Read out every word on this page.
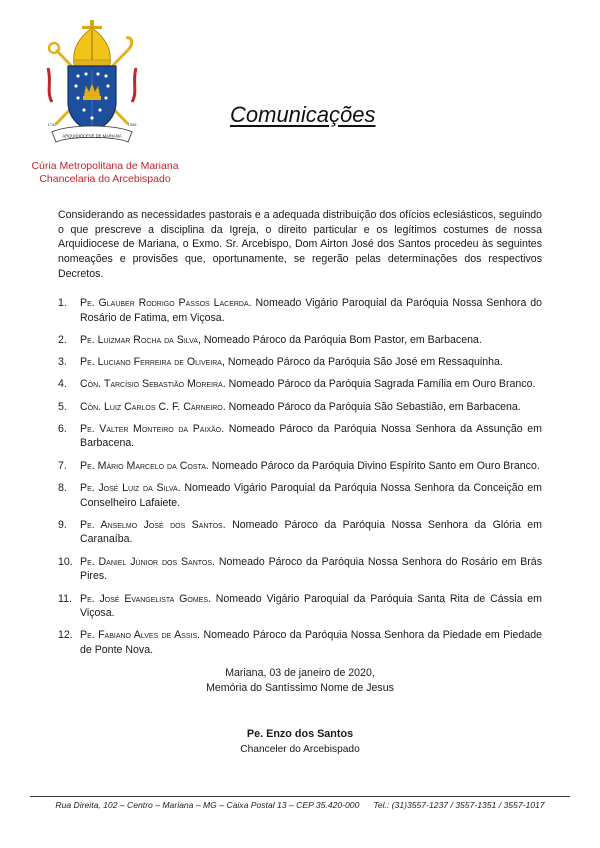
ARQUIDIOCESE DE MARIANA
1745	1906
Cúria Metropolitana de Mariana
Chancelaria do Arcebispado
Comunicações

Considerando as necessidades pastorais e a adequada distribuição dos ofícios eclesiásticos, seguindo o que prescreve a disciplina da Igreja, o direito particular e os legítimos costumes de nossa Arquidiocese de Mariana, o Exmo. Sr. Arcebispo, Dom Airton José dos Santos procedeu às seguintes nomeações e provisões que, oportunamente, se regerão pelas determinações dos respectivos Decretos.

1. Pe. Glauber Rodrigo Passos Lacerda. Nomeado Vigário Paroquial da Paróquia Nossa Senhora do Rosário de Fatima, em Viçosa.
2. Pe. Luizmar Rocha da Silva, Nomeado Pároco da Paróquia Bom Pastor, em Barbacena.
3. Pe. Luciano Ferreira de Oliveira, Nomeado Pároco da Paróquia São José em Ressaquinha.
4. Côn. Tarcísio Sebastião Moreira. Nomeado Pároco da Paróquia Sagrada Família em Ouro Branco.
5. Côn. Luiz Carlos C. F. Carneiro. Nomeado Pároco da Paróquia São Sebastião, em Barbacena.
6. Pe. Valter Monteiro da Paixão. Nomeado Pároco da Paróquia Nossa Senhora da Assunção em Barbacena.
7. Pe. Mário Marcelo da Costa. Nomeado Pároco da Paróquia Divino Espírito Santo em Ouro Branco.
8. Pe. José Luiz da Silva. Nomeado Vigário Paroquial da Paróquia Nossa Senhora da Conceição em Conselheiro Lafaiete.
9. Pe. Anselmo José dos Santos. Nomeado Pároco da Paróquia Nossa Senhora da Glória em Caranaíba.
10. Pe. Daniel Júnior dos Santos. Nomeado Pároco da Paróquia Nossa Senhora do Rosário em Brás Pires.
11. Pe. José Evangelista Gomes. Nomeado Vigário Paroquial da Paróquia Santa Rita de Cássia em Viçosa.
12. Pe. Fabiano Alves de Assis. Nomeado Pároco da Paróquia Nossa Senhora da Piedade em Piedade de Ponte Nova.
Mariana, 03 de janeiro de 2020,
Memória do Santíssimo Nome de Jesus
Pe. Enzo dos Santos
Chanceler do Arcebispado
Rua Direita, 102 – Centro – Mariana – MG – Caixa Postal 13 – CEP 35.420-000 Tel.: (31)3557-1237 / 3557-1351 / 3557-1017
